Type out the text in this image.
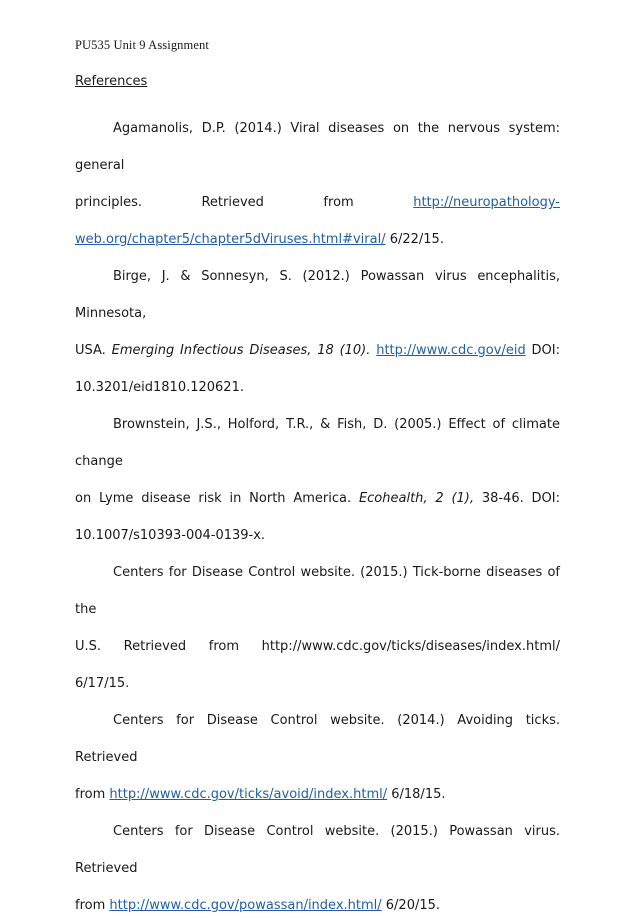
PU535 Unit 9 Assignment
References

Agamanolis, D.P. (2014.) Viral diseases on the nervous system: general
principles. Retrieved from http://neuropathology-
web.org/chapter5/chapter5dViruses.html#viral/ 6/22/15.

Birge, J. & Sonnesyn, S. (2012.) Powassan virus encephalitis, Minnesota,
USA. Emerging Infectious Diseases, 18 (10). http://www.cdc.gov/eid DOI:
10.3201/eid1810.120621.

Brownstein, J.S., Holford, T.R., & Fish, D. (2005.) Effect of climate change
on Lyme disease risk in North America. Ecohealth, 2 (1), 38-46. DOI:
10.1007/s10393-004-0139-x.

Centers for Disease Control website. (2015.) Tick-borne diseases of the
U.S. Retrieved from http://www.cdc.gov/ticks/diseases/index.html/ 6/17/15.

Centers for Disease Control website. (2014.) Avoiding ticks. Retrieved
from http://www.cdc.gov/ticks/avoid/index.html/ 6/18/15.

Centers for Disease Control website. (2015.) Powassan virus. Retrieved
from http://www.cdc.gov/powassan/index.html/ 6/20/15.
